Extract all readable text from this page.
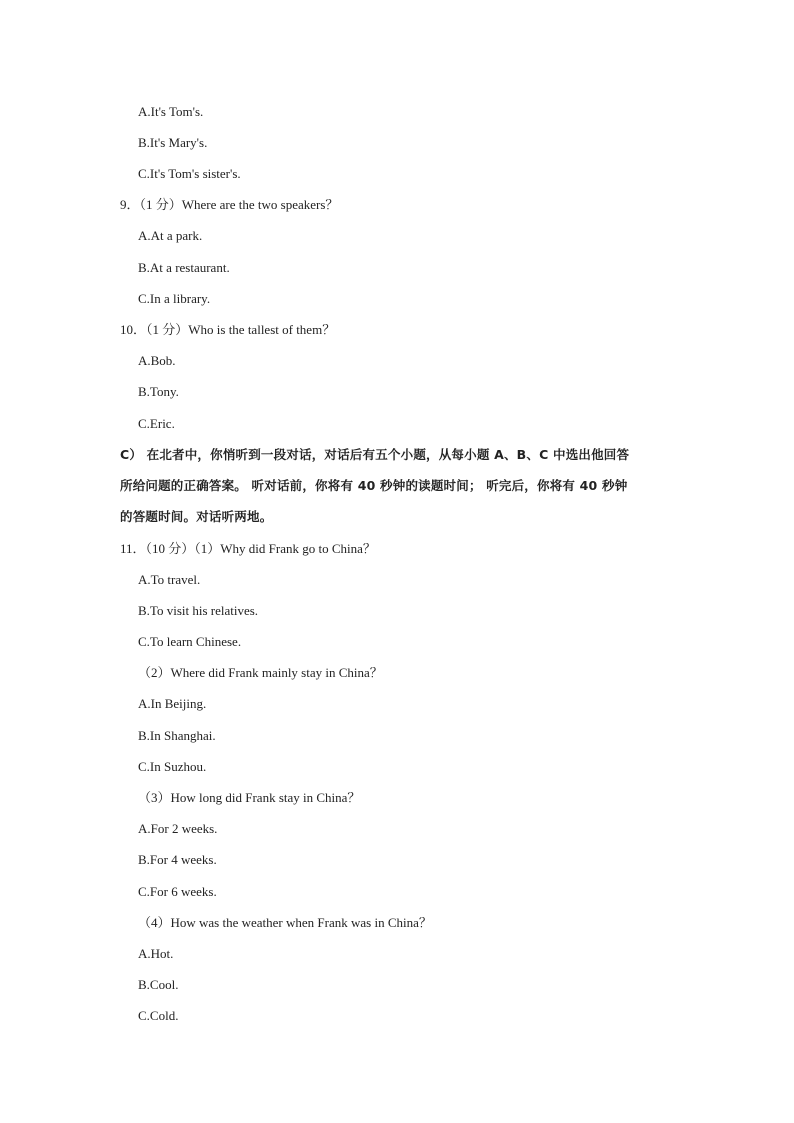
A.It's Tom's.
B.It's Mary's.
C.It's Tom's sister's.
9．（1 分）Where are the two speakers？
A.At a park.
B.At a restaurant.
C.In a library.
10．（1 分）Who is the tallest of them？
A.Bob.
B.Tony.
C.Eric.
C） 在北者中，你悄听到一段对话，对话后有五个小题，从每小题 A、B、C 中选出他回答
所给问题的正确答案。 听对话前，你将有 40 秒钟的读题时间； 听完后，你将有 40 秒钟
的答题时间。对话听两地。
11．（10 分）（1）Why did Frank go to China？
A.To travel.
B.To visit his relatives.
C.To learn Chinese.
（2）Where did Frank mainly stay in China？
A.In Beijing.
B.In Shanghai.
C.In Suzhou.
（3）How long did Frank stay in China？
A.For 2 weeks.
B.For 4 weeks.
C.For 6 weeks.
（4）How was the weather when Frank was in China？
A.Hot.
B.Cool.
C.Cold.
